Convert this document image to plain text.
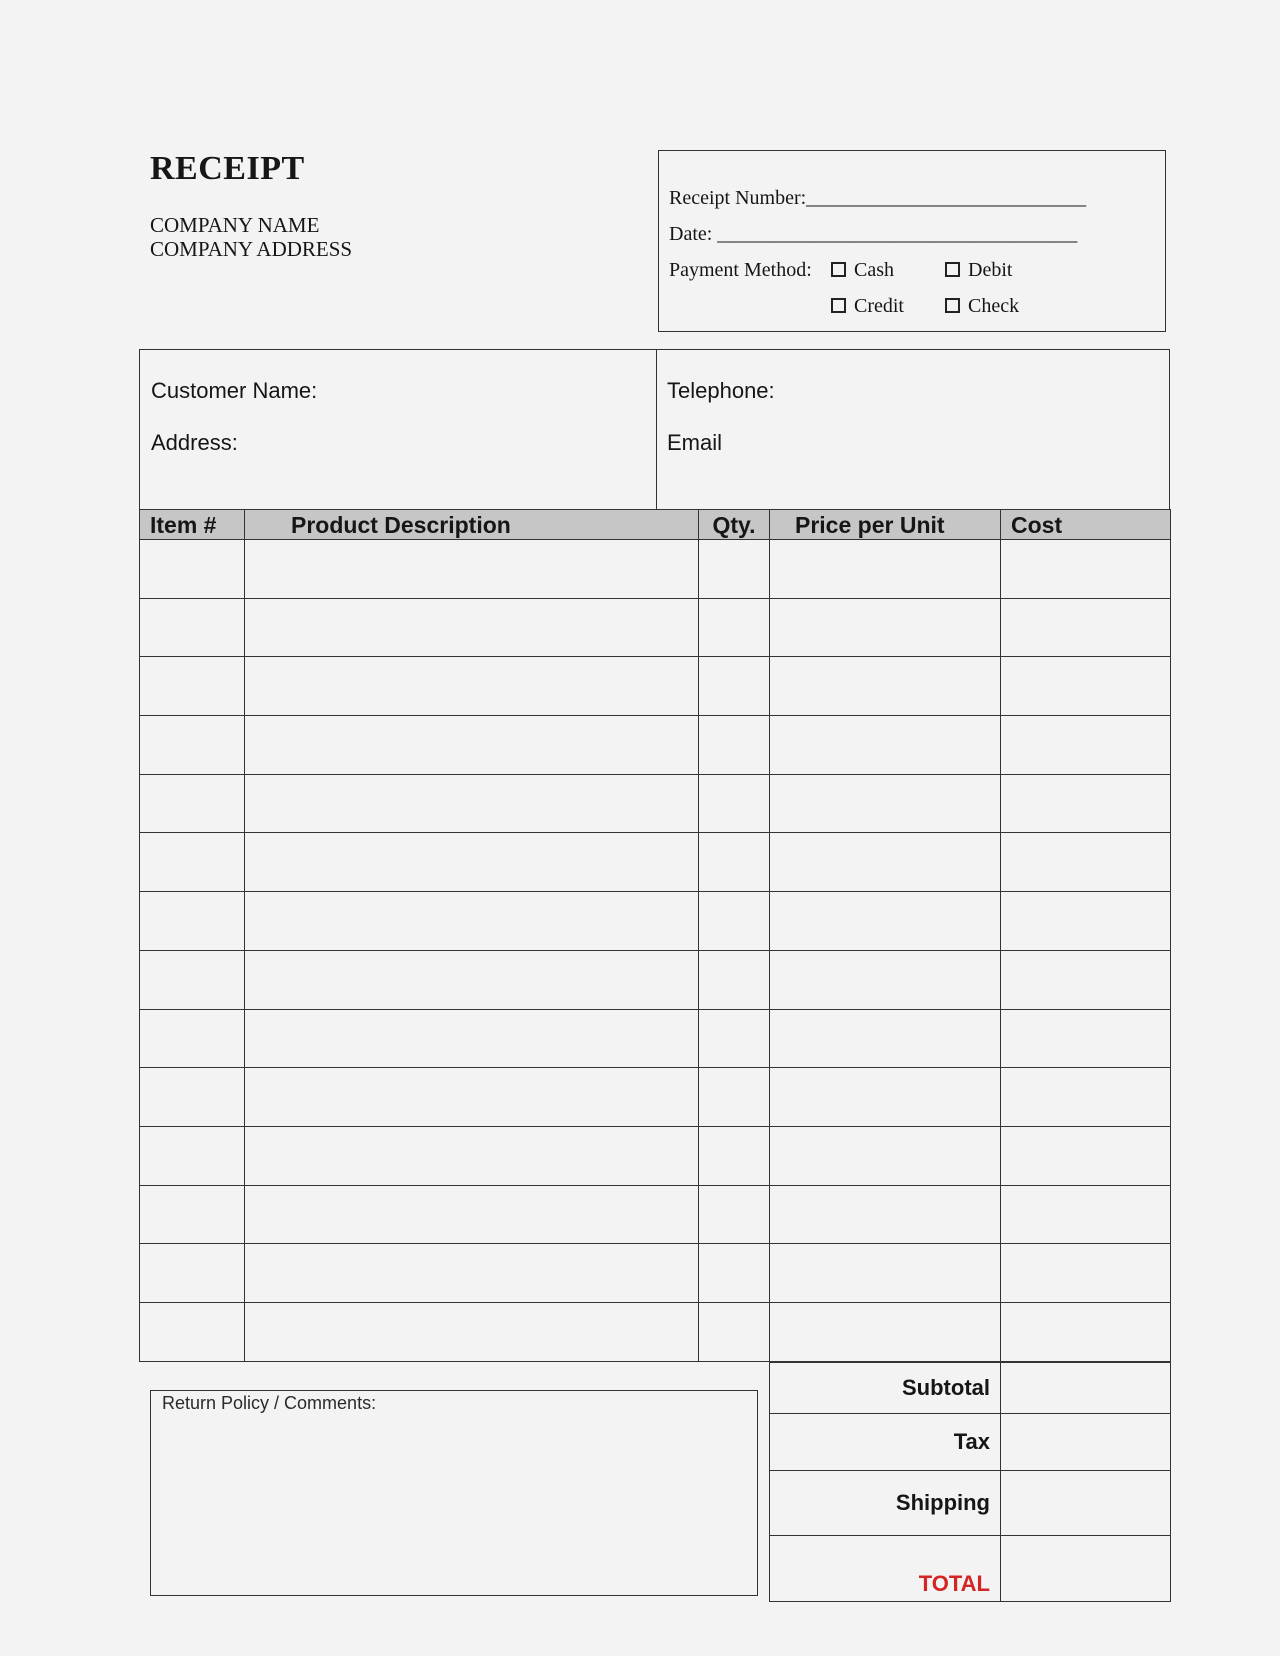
RECEIPT
COMPANY NAME
COMPANY ADDRESS
Receipt Number:____________________________
Date: ____________________________________
Payment Method:	Cash	Debit
Credit	Check
Customer Name:
Address:
Telephone:
Email
Item #	Product Description	Qty.	Price per Unit	Cost

Return Policy / Comments:
Subtotal	
Tax	
Shipping	
TOTAL	
